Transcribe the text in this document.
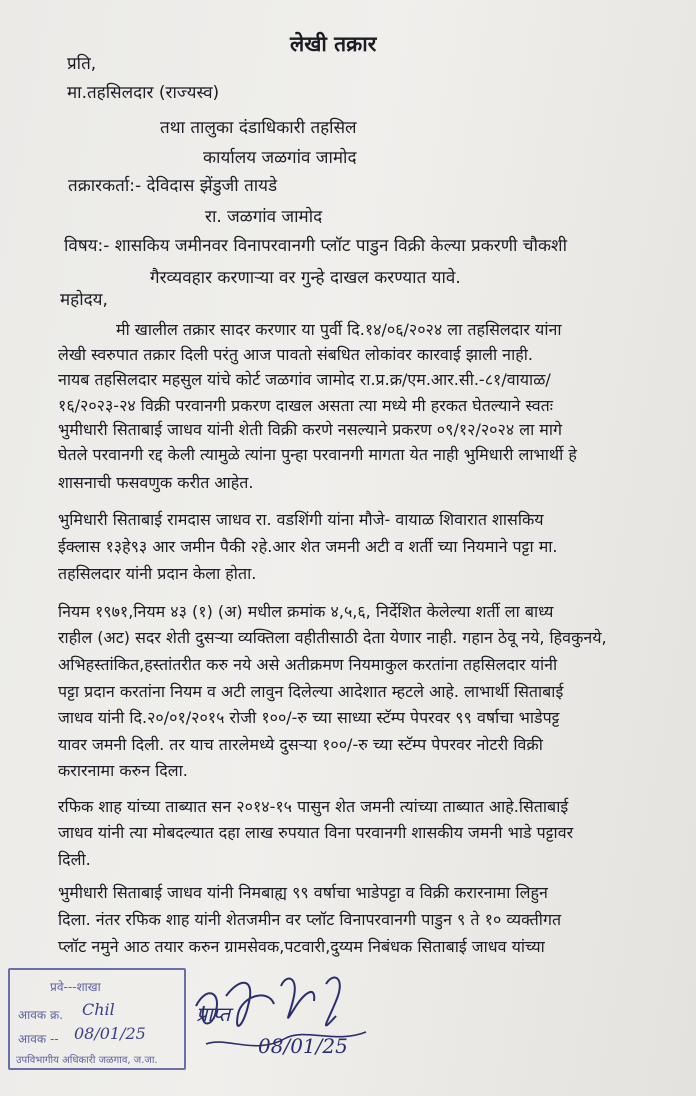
लेखी तक्रार
प्रति,
मा.तहसिलदार (राज्यस्व)
तथा तालुका दंडाधिकारी तहसिल
कार्यालय जळगांव जामोद
तक्रारकर्ता:- देविदास झेंडुजी तायडे
रा. जळगांव जामोद
विषय:- शासकिय जमीनवर विनापरवानगी प्लॉट पाडुन विक्री केल्या प्रकरणी चौकशी
गैरव्यवहार करणाऱ्या वर गुन्हे दाखल करण्यात यावे.
महोदय,
मी खालील तक्रार सादर करणार या पुर्वी दि.१४/०६/२०२४ ला तहसिलदार यांना
लेखी स्वरुपात तक्रार दिली परंतु आज पावतो संबधित लोकांवर कारवाई झाली नाही.
नायब तहसिलदार महसुल यांचे कोर्ट जळगांव जामोद रा.प्र.क्र/एम.आर.सी.-८१/वायाळ/
१६/२०२३-२४ विक्री परवानगी प्रकरण दाखल असता त्या मध्ये मी हरकत घेतल्याने स्वतः
भुमीधारी सिताबाई जाधव यांनी शेती विक्री करणे नसल्याने प्रकरण ०९/१२/२०२४ ला मागे
घेतले परवानगी रद्द केली त्यामुळे त्यांना पुन्हा परवानगी मागता येत नाही भुमिधारी लाभार्थी हे
शासनाची फसवणुक करीत आहेत.
भुमिधारी सिताबाई रामदास जाधव रा. वडशिंगी यांना मौजे- वायाळ शिवारात शासकिय
ईक्लास १३हे९३ आर जमीन पैकी २हे.आर शेत जमनी अटी व शर्ती च्या नियमाने पट्टा मा.
तहसिलदार यांनी प्रदान केला होता.
नियम १९७१,नियम ४३ (१) (अ) मधील क्रमांक ४,५,६, निर्देशित केलेल्या शर्ती ला बाध्य
राहील (अट) सदर शेती दुसऱ्या व्यक्तिला वहीतीसाठी देता येणार नाही. गहान ठेवू नये, हिवकुनये,
अभिहस्तांकित,हस्तांतरीत करु नये असे अतीक्रमण नियमाकुल करतांना तहसिलदार यांनी
पट्टा प्रदान करतांना नियम व अटी लावुन दिलेल्या आदेशात म्हटले आहे. लाभार्थी सिताबाई
जाधव यांनी दि.२०/०१/२०१५ रोजी १००/-रु च्या साध्या स्टॅम्प पेपरवर ९९ वर्षाचा भाडेपट्ट
यावर जमनी दिली. तर याच तारलेमध्ये दुसऱ्या १००/-रु च्या स्टॅम्प पेपरवर नोटरी विक्री
करारनामा करुन दिला.
रफिक शाह यांच्या ताब्यात सन २०१४-१५ पासुन शेत जमनी त्यांच्या ताब्यात आहे.सिताबाई
जाधव यांनी त्या मोबदल्यात दहा लाख रुपयात विना परवानगी शासकीय जमनी भाडे पट्टावर
दिली.
भुमीधारी सिताबाई जाधव यांनी निमबाह्य ९९ वर्षाचा भाडेपट्टा व विक्री करारनामा लिहुन
दिला. नंतर रफिक शाह यांनी शेतजमीन वर प्लॉट विनापरवानगी पाडुन ९ ते १० व्यक्तीगत
प्लॉट नमुने आठ तयार करुन ग्रामसेवक,पटवारी,दुय्यम निबंधक सिताबाई जाधव यांच्या
प्रवे---शाखा
आवक क्र. Chil
आवक -- 08/01/25
उपविभागीय अधिकारी जळगाव, ज.जा.
प्राप्त
08/01/25
